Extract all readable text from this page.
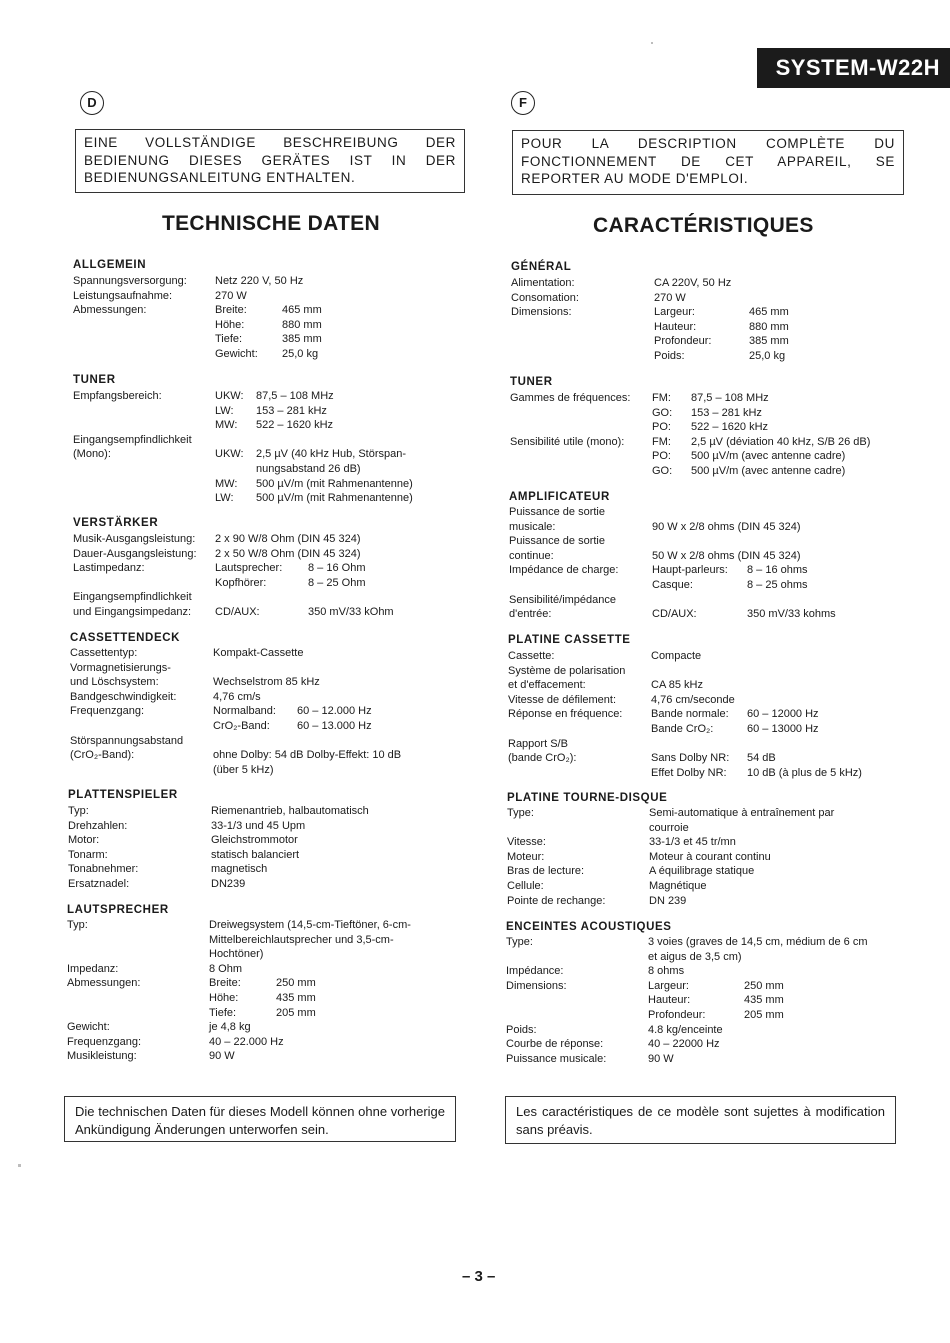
SYSTEM-W22H
D
EINE VOLLSTÄNDIGE BESCHREIBUNG DER BEDIENUNG DIESES GERÄTES IST IN DER BEDIENUNGSANLEITUNG ENTHALTEN.
TECHNISCHE DATEN
ALLGEMEIN
Spannungsversorgung:	Netz 220 V, 50 Hz
Leistungsaufnahme:	270 W
Abmessungen:	Breite:	465 mm
Höhe:	880 mm
Tiefe:	385 mm
Gewicht: 25,0 kg
TUNER
Empfangsbereich:	UKW: 87,5 – 108 MHz
LW: 153 – 281 kHz
MW: 522 – 1620 kHz
Eingangsempfindlichkeit
(Mono):	UKW: 2,5 µV (40 kHz Hub, Störspan-
nungsabstand 26 dB)
MW: 500 µV/m (mit Rahmenantenne)
LW: 500 µV/m (mit Rahmenantenne)
VERSTÄRKER
Musik-Ausgangsleistung: 2 x 90 W/8 Ohm (DIN 45 324)
Dauer-Ausgangsleistung: 2 x 50 W/8 Ohm (DIN 45 324)
Lastimpedanz:	Lautsprecher: 8 – 16 Ohm
Kopfhörer:	8 – 25 Ohm
Eingangsempfindlichkeit
und Eingangsimpedanz: CD/AUX:	350 mV/33 kOhm
CASSETTENDECK
Cassettentyp:	Kompakt-Cassette
Vormagnetisierungs-
und Löschsystem:	Wechselstrom 85 kHz
Bandgeschwindigkeit:	4,76 cm/s
Frequenzgang:	Normalband: 60 – 12.000 Hz
CrO₂-Band: 60 – 13.000 Hz
Störspannungsabstand
(CrO₂-Band):	ohne Dolby: 54 dB Dolby-Effekt: 10 dB
(über 5 kHz)
PLATTENSPIELER
Typ:	Riemenantrieb, halbautomatisch
Drehzahlen:	33-1/3 und 45 Upm
Motor:	Gleichstrommotor
Tonarm:	statisch balanciert
Tonabnehmer:	magnetisch
Ersatznadel:	DN239
LAUTSPRECHER
Typ:	Dreiwegsystem (14,5-cm-Tieftöner, 6-cm-
Mittelbereichlautsprecher und 3,5-cm-
Hochtöner)
Impedanz:	8 Ohm
Abmessungen:	Breite:	250 mm
Höhe:	435 mm
Tiefe:	205 mm
Gewicht:	je 4,8 kg
Frequenzgang:	40 – 22.000 Hz
Musikleistung:	90 W
Die technischen Daten für dieses Modell können ohne vorherige Ankündigung Änderungen unterworfen sein.
F
POUR LA DESCRIPTION COMPLÈTE DU FONCTIONNEMENT DE CET APPAREIL, SE REPORTER AU MODE D'EMPLOI.
CARACTÉRISTIQUES
GÉNÉRAL
Alimentation:	CA 220V, 50 Hz
Consomation:	270 W
Dimensions:	Largeur:	465 mm
Hauteur:	880 mm
Profondeur:	385 mm
Poids:	25,0 kg
TUNER
Gammes de fréquences: FM: 87,5 – 108 MHz
GO: 153 – 281 kHz
PO: 522 – 1620 kHz
Sensibilité utile (mono):	FM: 2,5 µV (déviation 40 kHz, S/B 26 dB)
PO: 500 µV/m (avec antenne cadre)
GO: 500 µV/m (avec antenne cadre)
AMPLIFICATEUR
Puissance de sortie
musicale:	90 W x 2/8 ohms (DIN 45 324)
Puissance de sortie
continue:	50 W x 2/8 ohms (DIN 45 324)
Impédance de charge:	Haupt-parleurs: 8 – 16 ohms
Casque:	8 – 25 ohms
Sensibilité/impédance
d'entrée:	CD/AUX:	350 mV/33 kohms
PLATINE CASSETTE
Cassette:	Compacte
Système de polarisation
et d'effacement:	CA 85 kHz
Vitesse de défilement:	4,76 cm/seconde
Réponse en fréquence:	Bande normale: 60 – 12000 Hz
Bande CrO₂:	60 – 13000 Hz
Rapport S/B
(bande CrO₂):	Sans Dolby NR: 54 dB
Effet Dolby NR: 10 dB (à plus de 5 kHz)
PLATINE TOURNE-DISQUE
Type:	Semi-automatique à entraînement par
courroie
Vitesse:	33-1/3 et 45 tr/mn
Moteur:	Moteur à courant continu
Bras de lecture:	A équilibrage statique
Cellule:	Magnétique
Pointe de rechange:	DN 239
ENCEINTES ACOUSTIQUES
Type:	3 voies (graves de 14,5 cm, médium de 6 cm
et aigus de 3,5 cm)
Impédance:	8 ohms
Dimensions:	Largeur:	250 mm
Hauteur:	435 mm
Profondeur:	205 mm
Poids:	4.8 kg/enceinte
Courbe de réponse:	40 – 22000 Hz
Puissance musicale:	90 W
Les caractéristiques de ce modèle sont sujettes à modification sans préavis.
– 3 –
